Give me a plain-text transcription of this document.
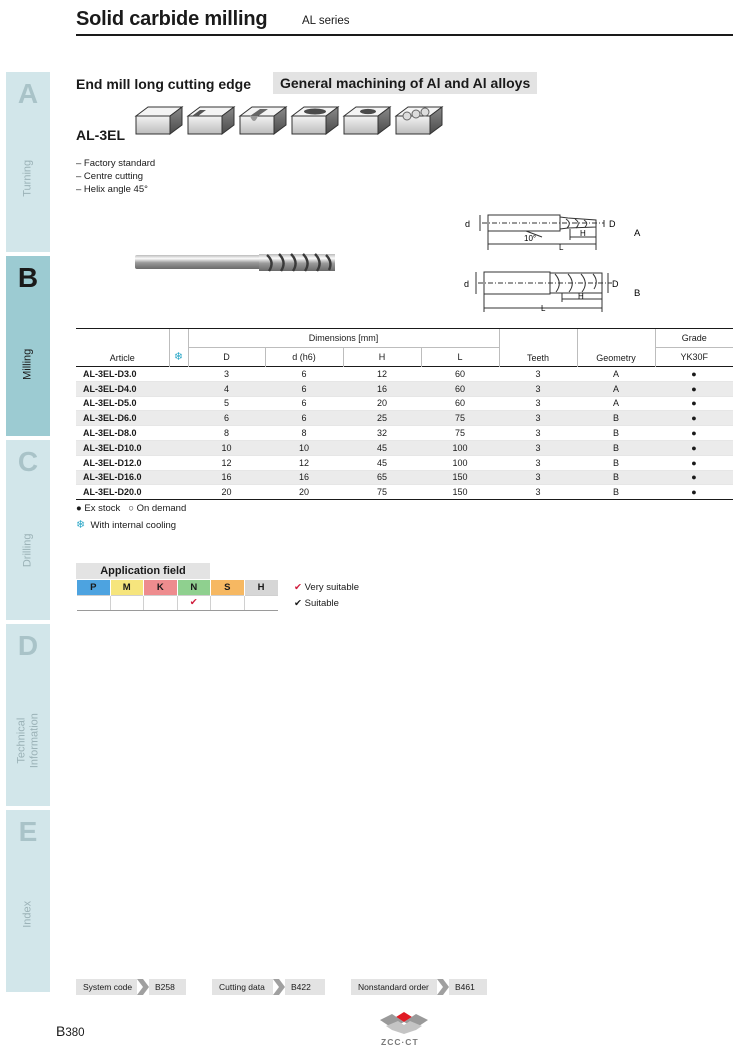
Solid carbide milling	AL series
A
Turning
B
Milling
C
Drilling
D
Technical Information
E
Index
End mill long cutting edge	General machining of Al and Al alloys
AL-3EL
– Factory standard
– Centre cutting
– Helix angle 45°
d	D
10°
H
L
A
d	D
H
L
B
Article	❄	Dimensions [mm]				Teeth	Geometry	Grade
		D	d (h6)	H	L			YK30F
AL-3EL-D3.0		3	6	12	60	3	A	●
AL-3EL-D4.0		4	6	16	60	3	A	●
AL-3EL-D5.0		5	6	20	60	3	A	●
AL-3EL-D6.0		6	6	25	75	3	B	●
AL-3EL-D8.0		8	8	32	75	3	B	●
AL-3EL-D10.0		10	10	45	100	3	B	●
AL-3EL-D12.0		12	12	45	100	3	B	●
AL-3EL-D16.0		16	16	65	150	3	B	●
AL-3EL-D20.0		20	20	75	150	3	B	●
● Ex stock ○ On demand
❄ With internal cooling
Application field
P	M	K	N	S	H
			✔		
✔ Very suitable
✔ Suitable
System code	B258	Cutting data	B422	Nonstandard order	B461
B380
ZCC·CT
